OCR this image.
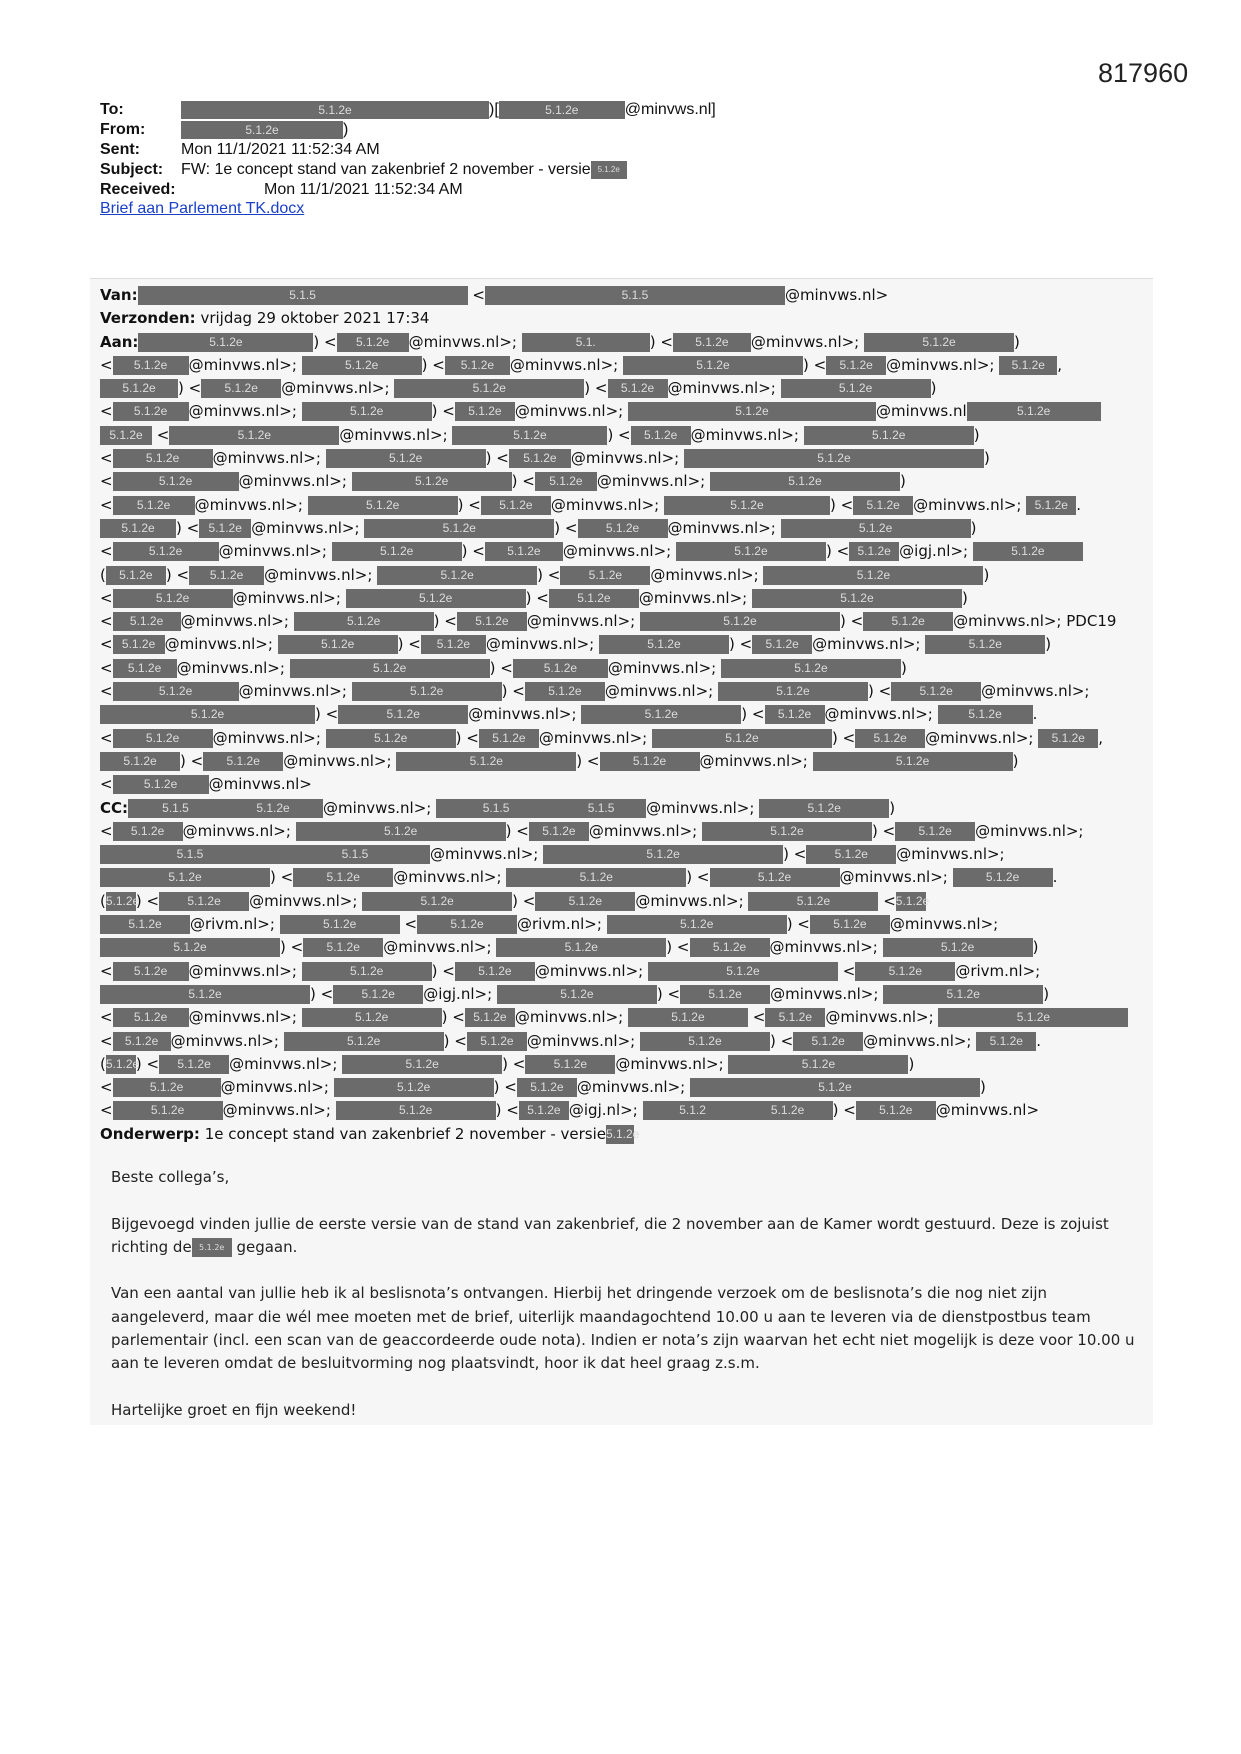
817960
To:	5.1.2e	)[	5.1.2e	@minvws.nl]
From:	5.1.2e	)
Sent:	Mon 11/1/2021 11:52:34 AM
Subject: FW: 1e concept stand van zakenbrief 2 november - versie 5.1.2e
Received:	Mon 11/1/2021 11:52:34 AM
Brief aan Parlement TK.docx
Van:	5.1.5	<	5.1.5	@minvws.nl>
Verzonden: vrijdag 29 oktober 2021 17:34
Aan:	5.1.2e	) < 5.1.2e @minvws.nl>;	5.1.	) < 5.1.2e @minvws.nl>;	5.1.2e	)
< 5.1.2e @minvws.nl>;	5.1.2e	) < 5.1.2e @minvws.nl>;	5.1.2e	) < 5.1.2e @minvws.nl>; 5.1.2e ,
5.1.2e ) < 5.1.2e @minvws.nl>;	5.1.2e	) < 5.1.2e @minvws.nl>;	5.1.2e	)
< 5.1.2e @minvws.nl>;	5.1.2e	) < 5.1.2e @minvws.nl>;	5.1.2e	@minvws.nl	5.1.2e
5.1.2e <	5.1.2e	@minvws.nl>;	5.1.2e	) < 5.1.2e @minvws.nl>;	5.1.2e	)
<	5.1.2e @minvws.nl>;	5.1.2e	) < 5.1.2e @minvws.nl>;	5.1.2e	)
<	5.1.2e	@minvws.nl>;	5.1.2e	) < 5.1.2e @minvws.nl>;	5.1.2e	)
< 5.1.2e @minvws.nl>;	5.1.2e	) < 5.1.2e @minvws.nl>;	5.1.2e	) < 5.1.2e @minvws.nl>; 5.1.2e .
5.1.2e ) < 5.1.2e @minvws.nl>;	5.1.2e	) < 5.1.2e @minvws.nl>;	5.1.2e	)
<	5.1.2e @minvws.nl>;	5.1.2e	) < 5.1.2e @minvws.nl>;	5.1.2e	) < 5.1.2e @igj.nl>;	5.1.2e
( 5.1.2e ) < 5.1.2e @minvws.nl>;	5.1.2e	) < 5.1.2e @minvws.nl>;	5.1.2e	)
<	5.1.2e	@minvws.nl>;	5.1.2e	) < 5.1.2e @minvws.nl>;	5.1.2e	)
< 5.1.2e @minvws.nl>;	5.1.2e	) < 5.1.2e @minvws.nl>;	5.1.2e	) < 5.1.2e @minvws.nl>; PDC19
< 5.1.2e @minvws.nl>;	5.1.2e	) < 5.1.2e @minvws.nl>;	5.1.2e	) < 5.1.2e @minvws.nl>;	5.1.2e	)
< 5.1.2e @minvws.nl>;	5.1.2e	) <	5.1.2e @minvws.nl>;	5.1.2e	)
<	5.1.2e	@minvws.nl>;	5.1.2e	) < 5.1.2e @minvws.nl>;	5.1.2e	) < 5.1.2e @minvws.nl>;
5.1.2e	) <	5.1.2e	@minvws.nl>;	5.1.2e	) < 5.1.2e @minvws.nl>;	5.1.2e .
<	5.1.2e @minvws.nl>;	5.1.2e	) < 5.1.2e @minvws.nl>;	5.1.2e	) < 5.1.2e @minvws.nl>; 5.1.2e ,
5.1.2e ) < 5.1.2e @minvws.nl>;	5.1.2e	) <	5.1.2e @minvws.nl>;	5.1.2e	)
<	5.1.2e @minvws.nl>
CC:	5.1.5	5.1.2e @minvws.nl>;	5.1.5	5.1.5 @minvws.nl>;	5.1.2e	)
< 5.1.2e @minvws.nl>;	5.1.2e	) < 5.1.2e @minvws.nl>;	5.1.2e	) < 5.1.2e @minvws.nl>;
5.1.5	5.1.5	@minvws.nl>;	5.1.2e	) < 5.1.2e @minvws.nl>;
5.1.2e	) <	5.1.2e @minvws.nl>;	5.1.2e	) <	5.1.2e	@minvws.nl>;	5.1.2e .
(5.1.2e) < 5.1.2e @minvws.nl>;	5.1.2e	) <	5.1.2e @minvws.nl>;	5.1.2e	<5.1.2e
5.1.2e @rivm.nl>;	5.1.2e	<	5.1.2e @rivm.nl>;	5.1.2e	) < 5.1.2e @minvws.nl>;
5.1.2e	) < 5.1.2e @minvws.nl>;	5.1.2e	) < 5.1.2e @minvws.nl>;	5.1.2e	)
< 5.1.2e @minvws.nl>;	5.1.2e	) < 5.1.2e @minvws.nl>;	5.1.2e	<	5.1.2e @rivm.nl>;
5.1.2e	) < 5.1.2e @igj.nl>;	5.1.2e	) < 5.1.2e @minvws.nl>;	5.1.2e	)
< 5.1.2e @minvws.nl>;	5.1.2e	) < 5.1.2e @minvws.nl>;	5.1.2e	< 5.1.2e @minvws.nl>;	5.1.2e
< 5.1.2e @minvws.nl>;	5.1.2e	) < 5.1.2e @minvws.nl>;	5.1.2e	) < 5.1.2e @minvws.nl>; 5.1.2e .
(5.1.2e) < 5.1.2e @minvws.nl>;	5.1.2e	) < 5.1.2e @minvws.nl>;	5.1.2e	)
<	5.1.2e @minvws.nl>;	5.1.2e	) < 5.1.2e @minvws.nl>;	5.1.2e	)
<	5.1.2e	@minvws.nl>;	5.1.2e	) < 5.1.2e @igj.nl>;	5.1.2	5.1.2e ) < 5.1.2e @minvws.nl>
Onderwerp: 1e concept stand van zakenbrief 2 november - versie5.1.2e

Beste collega’s,

Bijgevoegd vinden jullie de eerste versie van de stand van zakenbrief, die 2 november aan de Kamer wordt gestuurd. Deze is zojuist richting de 5.1.2e gegaan.

Van een aantal van jullie heb ik al beslisnota’s ontvangen. Hierbij het dringende verzoek om de beslisnota’s die nog niet zijn aangeleverd, maar die wél mee moeten met de brief, uiterlijk maandagochtend 10.00 u aan te leveren via de dienstpostbus team parlementair (incl. een scan van de geaccordeerde oude nota). Indien er nota’s zijn waarvan het echt niet mogelijk is deze voor 10.00 u aan te leveren omdat de besluitvorming nog plaatsvindt, hoor ik dat heel graag z.s.m.

Hartelijke groet en fijn weekend!
